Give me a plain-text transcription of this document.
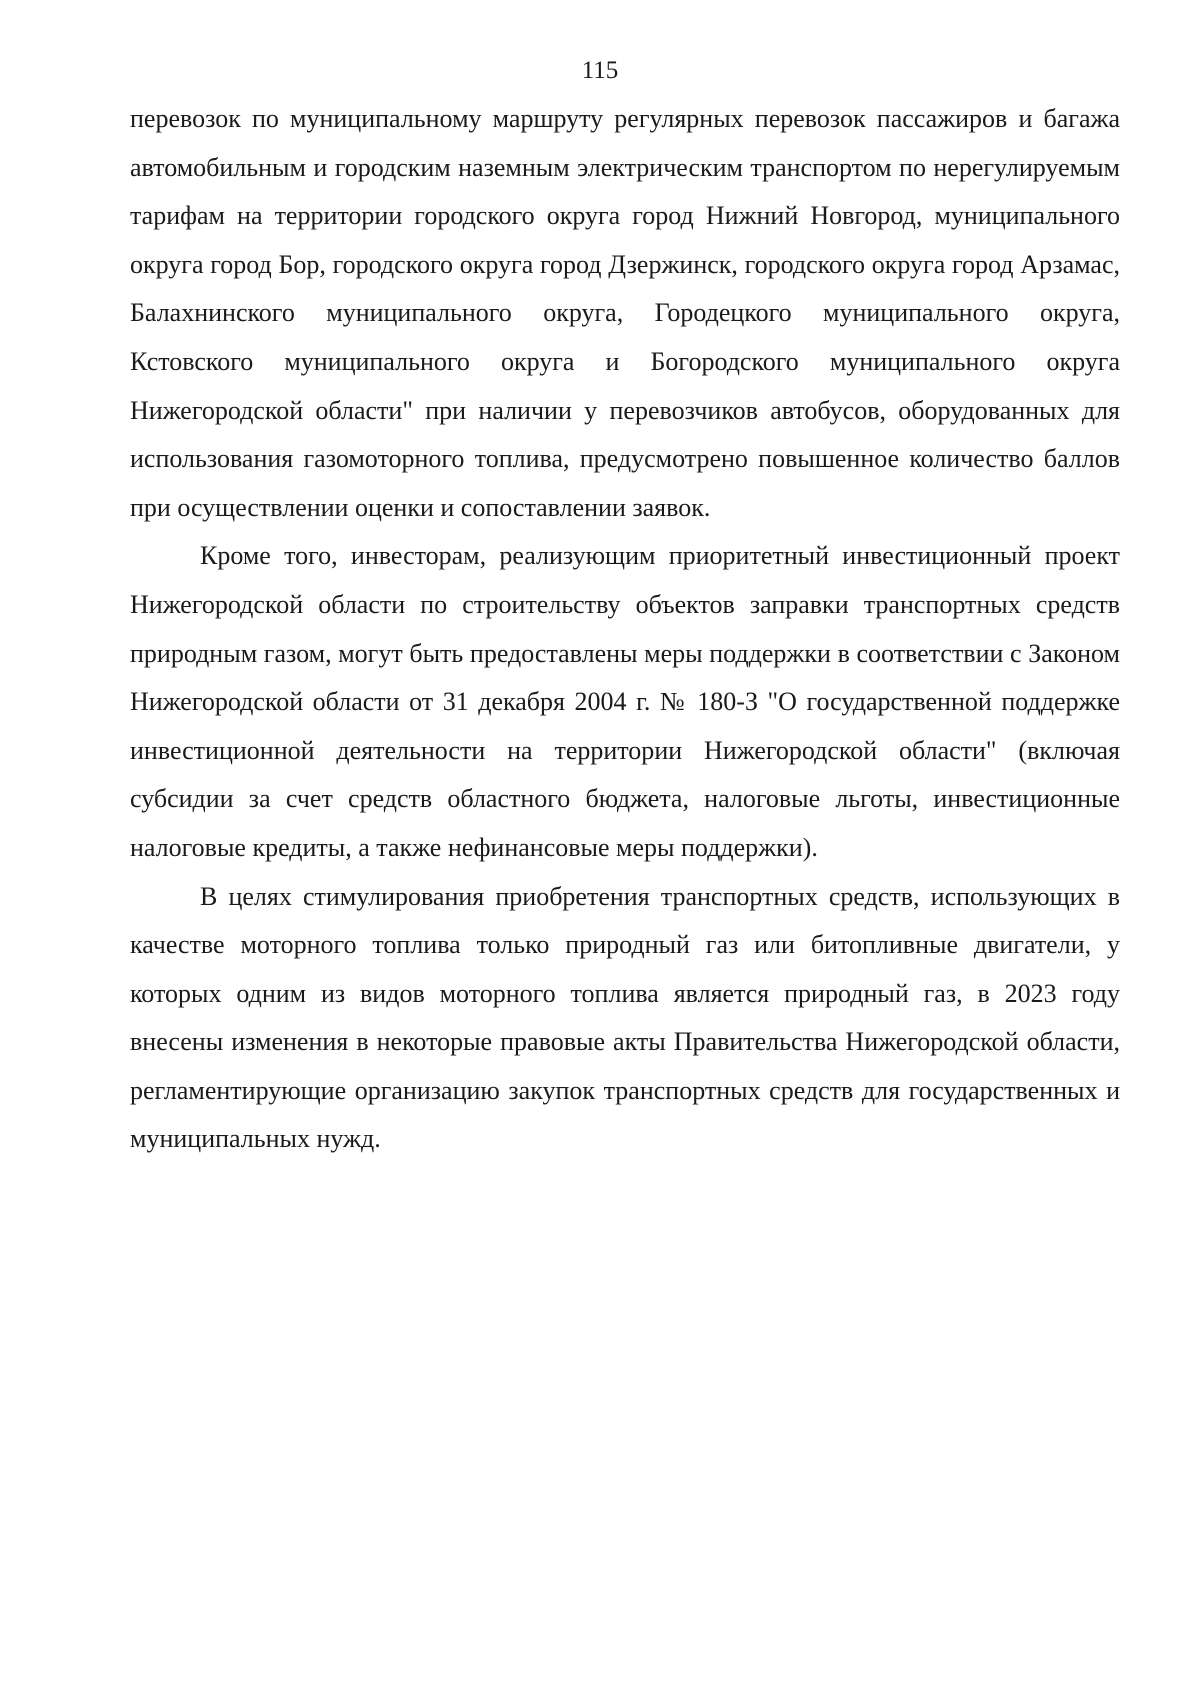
115

перевозок по муниципальному маршруту регулярных перевозок пассажиров и багажа автомобильным и городским наземным электрическим транспортом по нерегулируемым тарифам на территории городского округа город Нижний Новгород, муниципального округа город Бор, городского округа город Дзержинск, городского округа город Арзамас, Балахнинского муниципального округа, Городецкого муниципального округа, Кстовского муниципального округа и Богородского муниципального округа Нижегородской области" при наличии у перевозчиков автобусов, оборудованных для использования газомоторного топлива, предусмотрено повышенное количество баллов при осуществлении оценки и сопоставлении заявок.

Кроме того, инвесторам, реализующим приоритетный инвестиционный проект Нижегородской области по строительству объектов заправки транспортных средств природным газом, могут быть предоставлены меры поддержки в соответствии с Законом Нижегородской области от 31 декабря 2004 г. № 180-З "О государственной поддержке инвестиционной деятельности на территории Нижегородской области" (включая субсидии за счет средств областного бюджета, налоговые льготы, инвестиционные налоговые кредиты, а также нефинансовые меры поддержки).

В целях стимулирования приобретения транспортных средств, использующих в качестве моторного топлива только природный газ или битопливные двигатели, у которых одним из видов моторного топлива является природный газ, в 2023 году внесены изменения в некоторые правовые акты Правительства Нижегородской области, регламентирующие организацию закупок транспортных средств для государственных и муниципальных нужд.
